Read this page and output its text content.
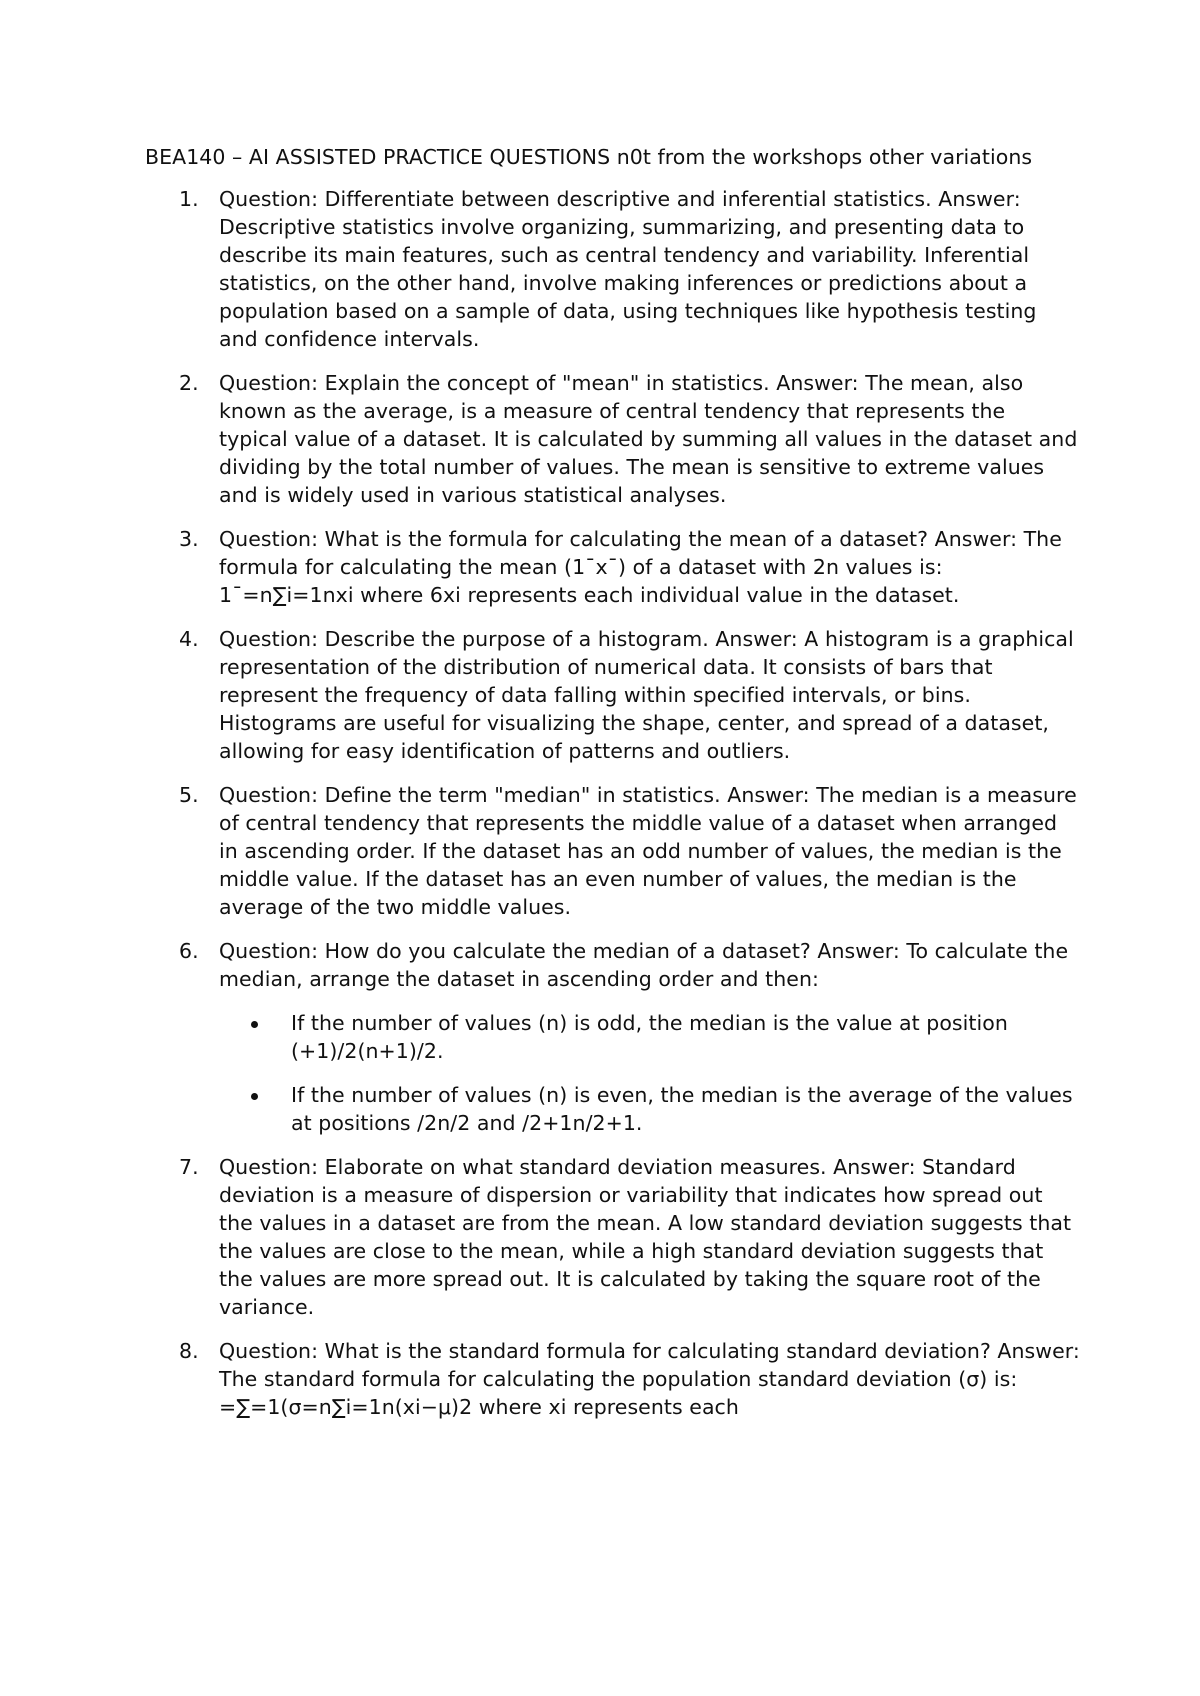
BEA140 – AI ASSISTED PRACTICE QUESTIONS n0t from the workshops other variations

1. Question: Differentiate between descriptive and inferential statistics. Answer: Descriptive statistics involve organizing, summarizing, and presenting data to describe its main features, such as central tendency and variability. Inferential statistics, on the other hand, involve making inferences or predictions about a population based on a sample of data, using techniques like hypothesis testing and confidence intervals.
2. Question: Explain the concept of "mean" in statistics. Answer: The mean, also known as the average, is a measure of central tendency that represents the typical value of a dataset. It is calculated by summing all values in the dataset and dividing by the total number of values. The mean is sensitive to extreme values and is widely used in various statistical analyses.
3. Question: What is the formula for calculating the mean of a dataset? Answer: The formula for calculating the mean (1ˉxˉ) of a dataset with 2n values is: 1ˉ=n∑i=1nxi where 6xi represents each individual value in the dataset.
4. Question: Describe the purpose of a histogram. Answer: A histogram is a graphical representation of the distribution of numerical data. It consists of bars that represent the frequency of data falling within specified intervals, or bins. Histograms are useful for visualizing the shape, center, and spread of a dataset, allowing for easy identification of patterns and outliers.
5. Question: Define the term "median" in statistics. Answer: The median is a measure of central tendency that represents the middle value of a dataset when arranged in ascending order. If the dataset has an odd number of values, the median is the middle value. If the dataset has an even number of values, the median is the average of the two middle values.
6. Question: How do you calculate the median of a dataset? Answer: To calculate the median, arrange the dataset in ascending order and then:
If the number of values (n) is odd, the median is the value at position (+1)/2(n+1)/2.
If the number of values (n) is even, the median is the average of the values at positions /2n/2 and /2+1n/2+1.
7. Question: Elaborate on what standard deviation measures. Answer: Standard deviation is a measure of dispersion or variability that indicates how spread out the values in a dataset are from the mean. A low standard deviation suggests that the values are close to the mean, while a high standard deviation suggests that the values are more spread out. It is calculated by taking the square root of the variance.
8. Question: What is the standard formula for calculating standard deviation? Answer: The standard formula for calculating the population standard deviation (σ) is: =∑=1(σ=n∑i=1n(xi−μ)2 where xi represents each
